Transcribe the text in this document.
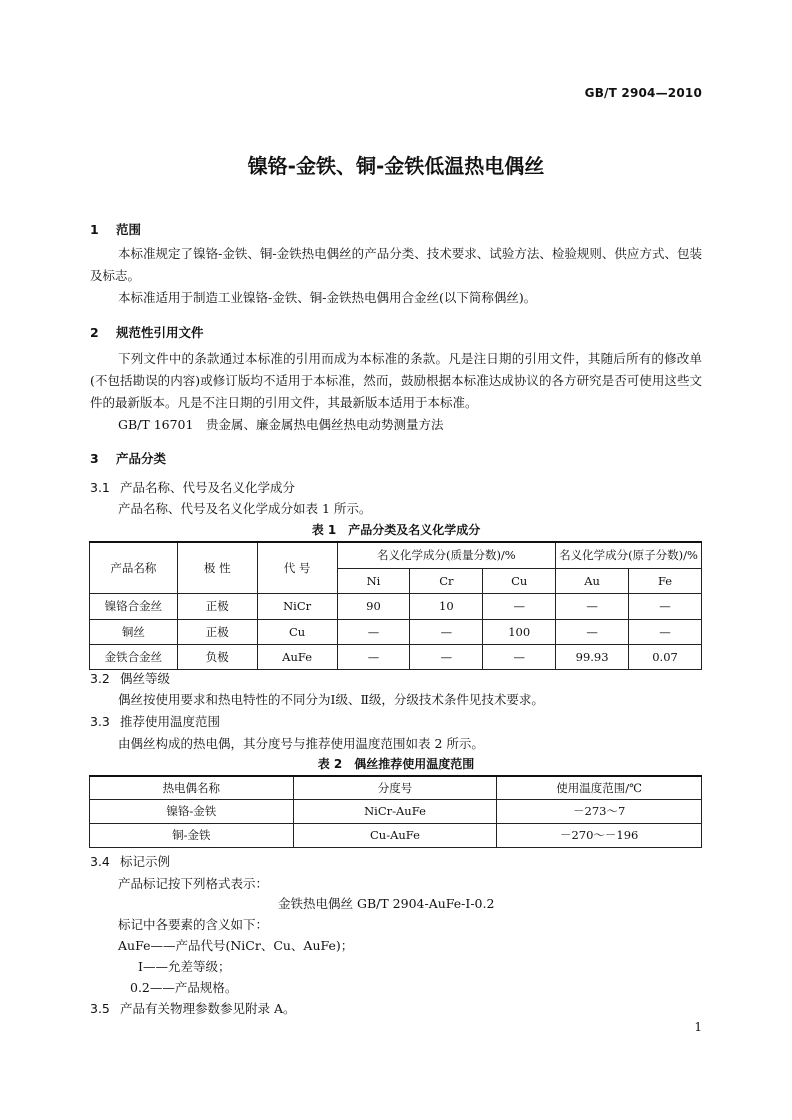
GB/T 2904—2010
镍铬-金铁、铜-金铁低温热电偶丝
1 范围

本标准规定了镍铬-金铁、铜-金铁热电偶丝的产品分类、技术要求、试验方法、检验规则、供应方式、包装及标志。

本标准适用于制造工业镍铬-金铁、铜-金铁热电偶用合金丝(以下简称偶丝)。

2 规范性引用文件

下列文件中的条款通过本标准的引用而成为本标准的条款。凡是注日期的引用文件，其随后所有的修改单(不包括勘误的内容)或修订版均不适用于本标准，然而，鼓励根据本标准达成协议的各方研究是否可使用这些文件的最新版本。凡是不注日期的引用文件，其最新版本适用于本标准。

GB/T 16701　贵金属、廉金属热电偶丝热电动势测量方法

3 产品分类
3.1 产品名称、代号及名义化学成分
产品名称、代号及名义化学成分如表 1 所示。
表 1　产品分类及名义化学成分
产品名称	极 性	代 号	名义化学成分(质量分数)/%			名义化学成分(原子分数)/%	
			Ni	Cr	Cu	Au	Fe
镍铬合金丝	正极	NiCr	90	10	—	—	—
铜丝	正极	Cu	—	—	100	—	—
金铁合金丝	负极	AuFe	—	—	—	99.93	0.07
3.2 偶丝等级
偶丝按使用要求和热电特性的不同分为Ⅰ级、Ⅱ级，分级技术条件见技术要求。
3.3 推荐使用温度范围
由偶丝构成的热电偶，其分度号与推荐使用温度范围如表 2 所示。
表 2　偶丝推荐使用温度范围
热电偶名称	分度号	使用温度范围/℃
镍铬-金铁	NiCr-AuFe	－273～7
铜-金铁	Cu-AuFe	－270～－196
3.4 标记示例
产品标记按下列格式表示：
金铁热电偶丝 GB/T 2904-AuFe-Ⅰ-0.2
标记中各要素的含义如下：
AuFe——产品代号(NiCr、Cu、AuFe)；
Ⅰ——允差等级；
0.2——产品规格。
3.5 产品有关物理参数参见附录 A。
1
